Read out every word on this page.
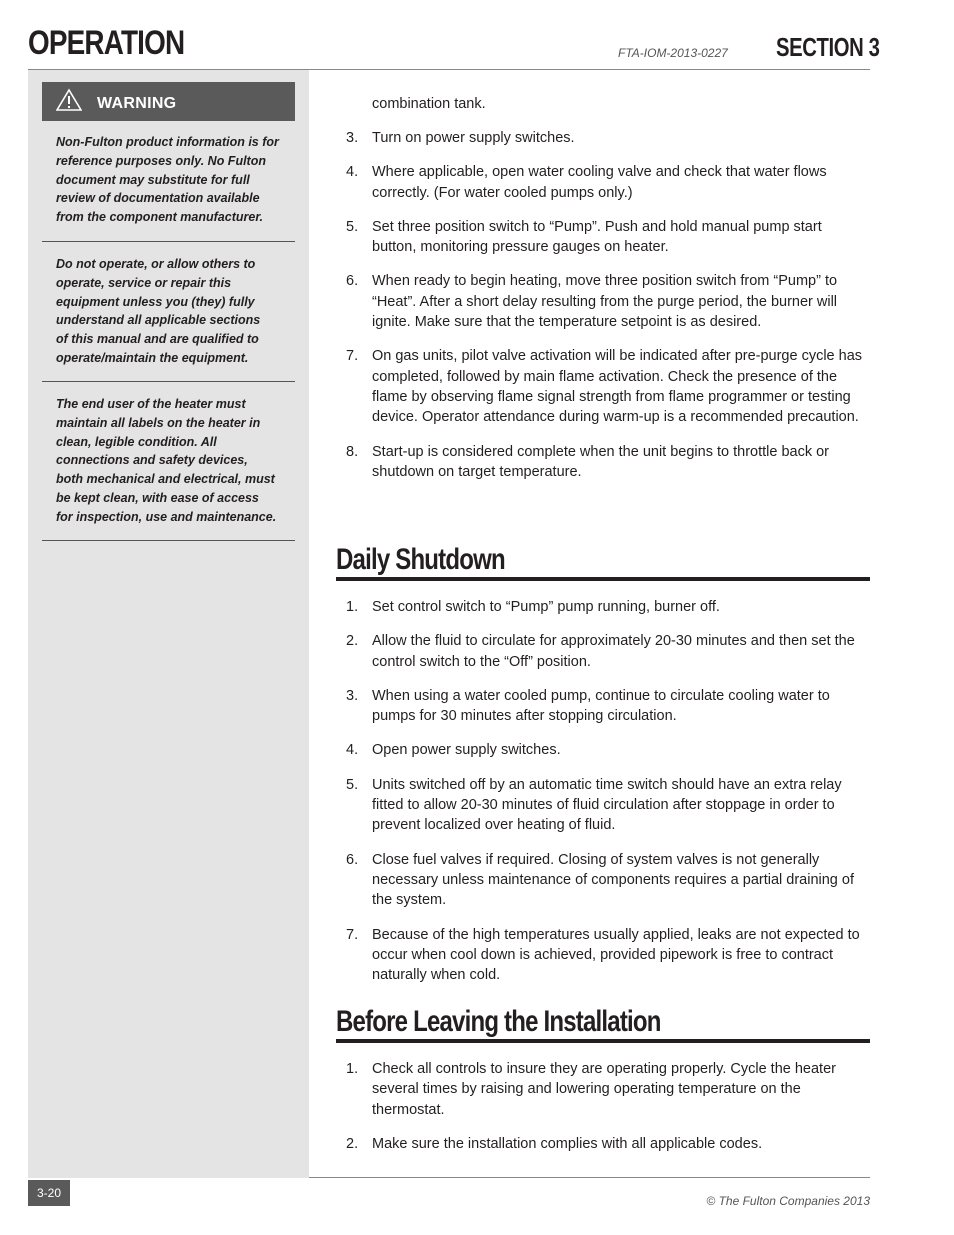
OPERATION	FTA-IOM-2013-0227 SECTION 3
WARNING
Non-Fulton product information is for reference purposes only. No Fulton document may substitute for full review of documentation available from the component manufacturer.
Do not operate, or allow others to operate, service or repair this equipment unless you (they) fully understand all applicable sections of this manual and are qualified to operate/maintain the equipment.
The end user of the heater must maintain all labels on the heater in clean, legible condition. All connections and safety devices, both mechanical and electrical, must be kept clean, with ease of access for inspection, use and maintenance.
combination tank.
3. Turn on power supply switches.
4. Where applicable, open water cooling valve and check that water flows correctly. (For water cooled pumps only.)
5. Set three position switch to “Pump”. Push and hold manual pump start button, monitoring pressure gauges on heater.
6. When ready to begin heating, move three position switch from “Pump” to “Heat”. After a short delay resulting from the purge period, the burner will ignite. Make sure that the temperature setpoint is as desired.
7. On gas units, pilot valve activation will be indicated after pre-purge cycle has completed, followed by main flame activation. Check the presence of the flame by observing flame signal strength from flame programmer or testing device. Operator attendance during warm-up is a recommended precaution.
8. Start-up is considered complete when the unit begins to throttle back or shutdown on target temperature.
Daily Shutdown
1. Set control switch to “Pump” pump running, burner off.
2. Allow the fluid to circulate for approximately 20-30 minutes and then set the control switch to the “Off” position.
3. When using a water cooled pump, continue to circulate cooling water to pumps for 30 minutes after stopping circulation.
4. Open power supply switches.
5. Units switched off by an automatic time switch should have an extra relay fitted to allow 20-30 minutes of fluid circulation after stoppage in order to prevent localized over heating of fluid.
6. Close fuel valves if required. Closing of system valves is not generally necessary unless maintenance of components requires a partial draining of the system.
7. Because of the high temperatures usually applied, leaks are not expected to occur when cool down is achieved, provided pipework is free to contract naturally when cold.
Before Leaving the Installation
1. Check all controls to insure they are operating properly. Cycle the heater several times by raising and lowering operating temperature on the thermostat.
2. Make sure the installation complies with all applicable codes.
3-20
© The Fulton Companies 2013
